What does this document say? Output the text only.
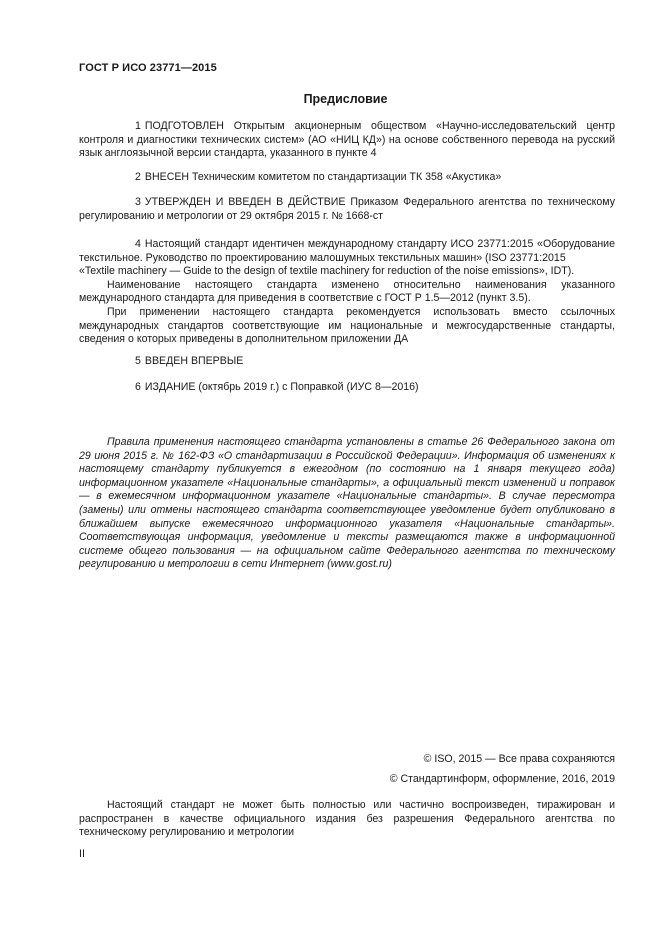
ГОСТ Р ИСО 23771—2015
Предисловие

1 ПОДГОТОВЛЕН Открытым акционерным обществом «Научно-исследовательский центр контроля и диагностики технических систем» (АО «НИЦ КД») на основе собственного перевода на русский язык англоязычной версии стандарта, указанного в пункте 4

2 ВНЕСЕН Техническим комитетом по стандартизации ТК 358 «Акустика»

3 УТВЕРЖДЕН И ВВЕДЕН В ДЕЙСТВИЕ Приказом Федерального агентства по техническому регулированию и метрологии от 29 октября 2015 г. № 1668-ст

4 Настоящий стандарт идентичен международному стандарту ИСО 23771:2015 «Оборудование текстильное. Руководство по проектированию малошумных текстильных машин» (ISO 23771:2015

«Textile machinery — Guide to the design of textile machinery for reduction of the noise emissions», IDT).

Наименование настоящего стандарта изменено относительно наименования указанного международного стандарта для приведения в соответствие с ГОСТ Р 1.5—2012 (пункт 3.5).

При применении настоящего стандарта рекомендуется использовать вместо ссылочных международных стандартов соответствующие им национальные и межгосударственные стандарты, сведения о которых приведены в дополнительном приложении ДА

5 ВВЕДЕН ВПЕРВЫЕ

6 ИЗДАНИЕ (октябрь 2019 г.) с Поправкой (ИУС 8—2016)

Правила применения настоящего стандарта установлены в статье 26 Федерального закона от 29 июня 2015 г. № 162-ФЗ «О стандартизации в Российской Федерации». Информация об изменениях к настоящему стандарту публикуется в ежегодном (по состоянию на 1 января текущего года) информационном указателе «Национальные стандарты», а официальный текст изменений и поправок — в ежемесячном информационном указателе «Национальные стандарты». В случае пересмотра (замены) или отмены настоящего стандарта соответствующее уведомление будет опубликовано в ближайшем выпуске ежемесячного информационного указателя «Национальные стандарты». Соответствующая информация, уведомление и тексты размещаются также в информационной системе общего пользования — на официальном сайте Федерального агентства по техническому регулированию и метрологии в сети Интернет (www.gost.ru)

© ISO, 2015 — Все права сохраняются
© Стандартинформ, оформление, 2016, 2019

Настоящий стандарт не может быть полностью или частично воспроизведен, тиражирован и распространен в качестве официального издания без разрешения Федерального агентства по техническому регулированию и метрологии

II
